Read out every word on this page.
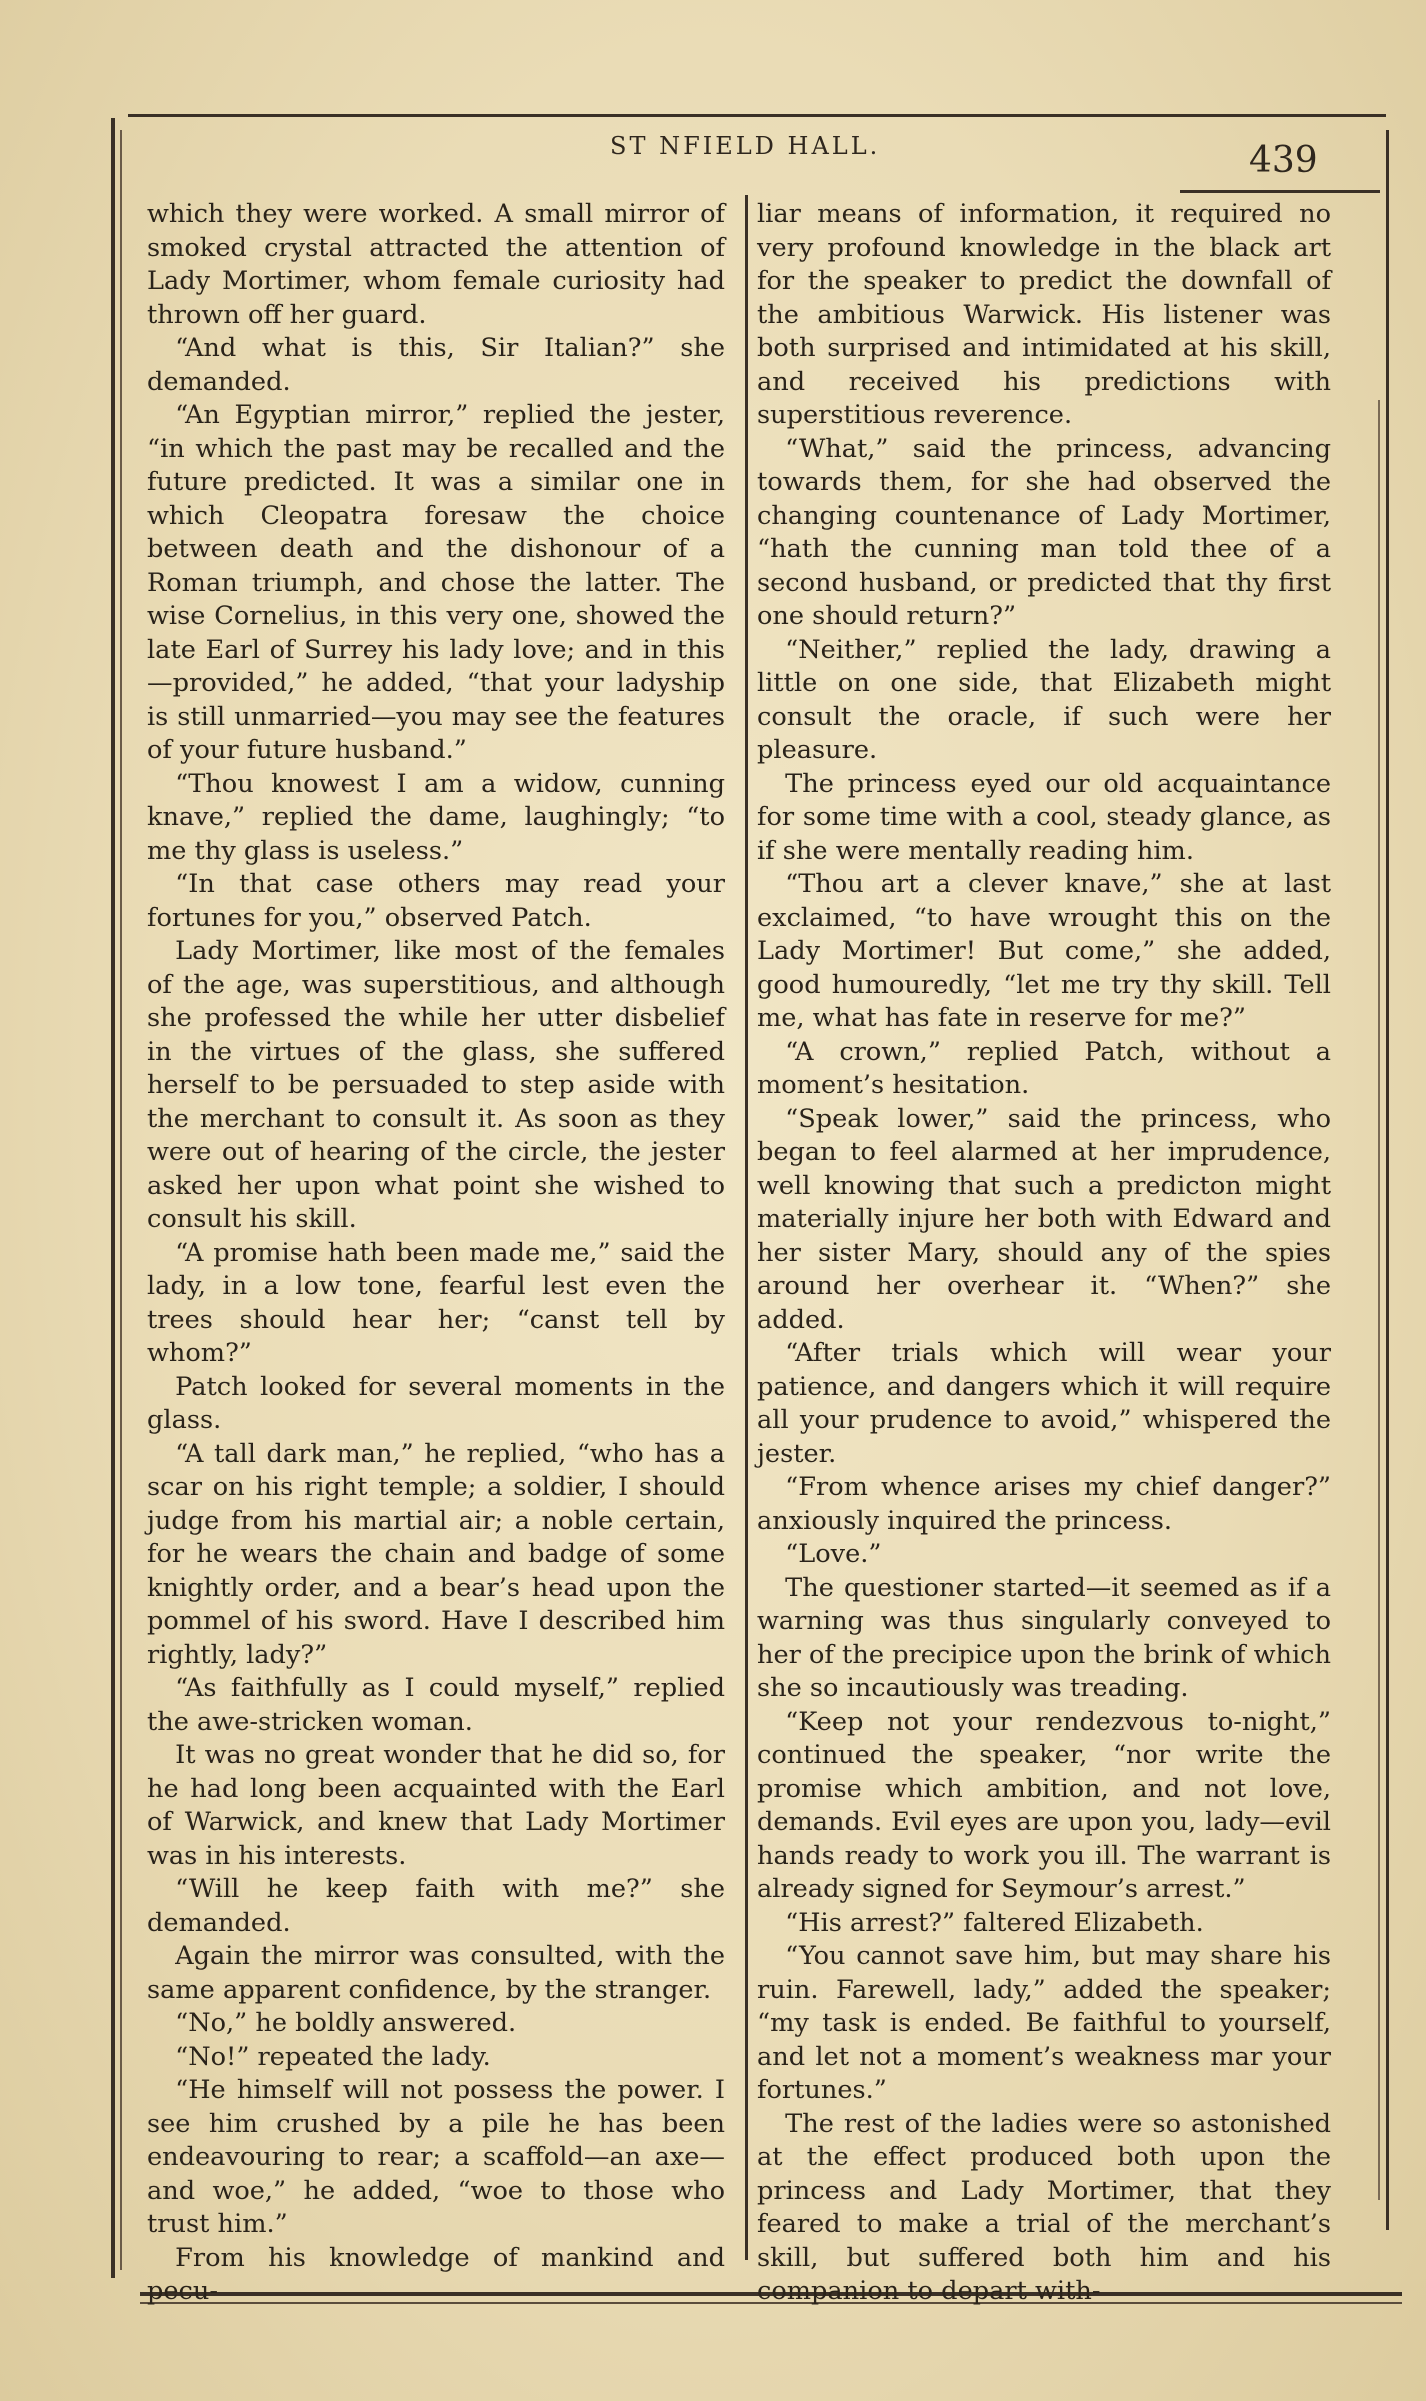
ST NFIELD HALL.	439

which they were worked. A small mirror of smoked crystal attracted the attention of Lady Mortimer, whom female curiosity had thrown off her guard.

“And what is this, Sir Italian?” she demanded.

“An Egyptian mirror,” replied the jester, “in which the past may be recalled and the future predicted. It was a similar one in which Cleopatra foresaw the choice between death and the dishonour of a Roman triumph, and chose the latter. The wise Cornelius, in this very one, showed the late Earl of Surrey his lady love; and in this—provided,” he added, “that your ladyship is still unmarried—you may see the features of your future husband.”

“Thou knowest I am a widow, cunning knave,” replied the dame, laughingly; “to me thy glass is useless.”

“In that case others may read your fortunes for you,” observed Patch.

Lady Mortimer, like most of the females of the age, was superstitious, and although she professed the while her utter disbelief in the virtues of the glass, she suffered herself to be persuaded to step aside with the merchant to consult it. As soon as they were out of hearing of the circle, the jester asked her upon what point she wished to consult his skill.

“A promise hath been made me,” said the lady, in a low tone, fearful lest even the trees should hear her; “canst tell by whom?”

Patch looked for several moments in the glass.

“A tall dark man,” he replied, “who has a scar on his right temple; a soldier, I should judge from his martial air; a noble certain, for he wears the chain and badge of some knightly order, and a bear’s head upon the pommel of his sword. Have I described him rightly, lady?”

“As faithfully as I could myself,” replied the awe-stricken woman.

It was no great wonder that he did so, for he had long been acquainted with the Earl of Warwick, and knew that Lady Mortimer was in his interests.

“Will he keep faith with me?” she demanded.

Again the mirror was consulted, with the same apparent confidence, by the stranger.

“No,” he boldly answered.

“No!” repeated the lady.

“He himself will not possess the power. I see him crushed by a pile he has been endeavouring to rear; a scaffold—an axe—and woe,” he added, “woe to those who trust him.”

From his knowledge of mankind and pecu-

liar means of information, it required no very profound knowledge in the black art for the speaker to predict the downfall of the ambitious Warwick. His listener was both surprised and intimidated at his skill, and received his predictions with superstitious reverence.

“What,” said the princess, advancing towards them, for she had observed the changing countenance of Lady Mortimer, “hath the cunning man told thee of a second husband, or predicted that thy first one should return?”

“Neither,” replied the lady, drawing a little on one side, that Elizabeth might consult the oracle, if such were her pleasure.

The princess eyed our old acquaintance for some time with a cool, steady glance, as if she were mentally reading him.

“Thou art a clever knave,” she at last exclaimed, “to have wrought this on the Lady Mortimer! But come,” she added, good humouredly, “let me try thy skill. Tell me, what has fate in reserve for me?”

“A crown,” replied Patch, without a moment’s hesitation.

“Speak lower,” said the princess, who began to feel alarmed at her imprudence, well knowing that such a predicton might materially injure her both with Edward and her sister Mary, should any of the spies around her overhear it. “When?” she added.

“After trials which will wear your patience, and dangers which it will require all your prudence to avoid,” whispered the jester.

“From whence arises my chief danger?” anxiously inquired the princess.

“Love.”

The questioner started—it seemed as if a warning was thus singularly conveyed to her of the precipice upon the brink of which she so incautiously was treading.

“Keep not your rendezvous to-night,” continued the speaker, “nor write the promise which ambition, and not love, demands. Evil eyes are upon you, lady—evil hands ready to work you ill. The warrant is already signed for Seymour’s arrest.”

“His arrest?” faltered Elizabeth.

“You cannot save him, but may share his ruin. Farewell, lady,” added the speaker; “my task is ended. Be faithful to yourself, and let not a moment’s weakness mar your fortunes.”

The rest of the ladies were so astonished at the effect produced both upon the princess and Lady Mortimer, that they feared to make a trial of the merchant’s skill, but suffered both him and his companion to depart with-
